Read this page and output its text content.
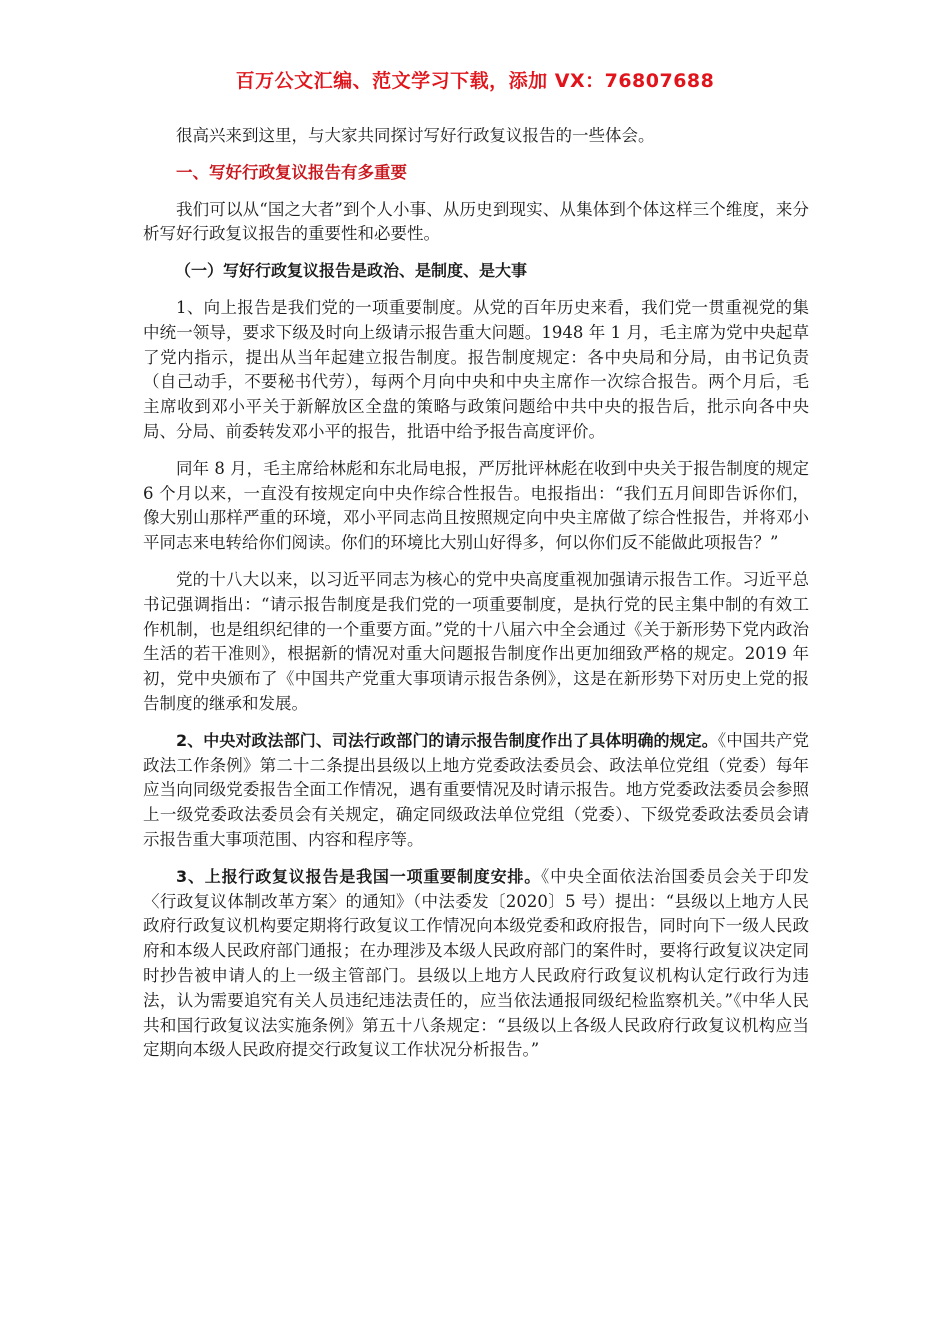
百万公文汇编、范文学习下载，添加 VX：76807688

很高兴来到这里，与大家共同探讨写好行政复议报告的一些体会。

一、写好行政复议报告有多重要

我们可以从“国之大者”到个人小事、从历史到现实、从集体到个体这样三个维度，来分析写好行政复议报告的重要性和必要性。

（一）写好行政复议报告是政治、是制度、是大事

1、向上报告是我们党的一项重要制度。从党的百年历史来看，我们党一贯重视党的集中统一领导，要求下级及时向上级请示报告重大问题。1948 年 1 月，毛主席为党中央起草了党内指示，提出从当年起建立报告制度。报告制度规定：各中央局和分局，由书记负责（自己动手，不要秘书代劳），每两个月向中央和中央主席作一次综合报告。两个月后，毛主席收到邓小平关于新解放区全盘的策略与政策问题给中共中央的报告后，批示向各中央局、分局、前委转发邓小平的报告，批语中给予报告高度评价。

同年 8 月，毛主席给林彪和东北局电报，严厉批评林彪在收到中央关于报告制度的规定 6 个月以来，一直没有按规定向中央作综合性报告。电报指出：“我们五月间即告诉你们，像大别山那样严重的环境，邓小平同志尚且按照规定向中央主席做了综合性报告，并将邓小平同志来电转给你们阅读。你们的环境比大别山好得多，何以你们反不能做此项报告？”

党的十八大以来，以习近平同志为核心的党中央高度重视加强请示报告工作。习近平总书记强调指出：“请示报告制度是我们党的一项重要制度，是执行党的民主集中制的有效工作机制，也是组织纪律的一个重要方面。”党的十八届六中全会通过《关于新形势下党内政治生活的若干准则》，根据新的情况对重大问题报告制度作出更加细致严格的规定。2019 年初，党中央颁布了《中国共产党重大事项请示报告条例》，这是在新形势下对历史上党的报告制度的继承和发展。

2、中央对政法部门、司法行政部门的请示报告制度作出了具体明确的规定。《中国共产党政法工作条例》第二十二条提出县级以上地方党委政法委员会、政法单位党组（党委）每年应当向同级党委报告全面工作情况，遇有重要情况及时请示报告。地方党委政法委员会参照上一级党委政法委员会有关规定，确定同级政法单位党组（党委）、下级党委政法委员会请示报告重大事项范围、内容和程序等。

3、上报行政复议报告是我国一项重要制度安排。《中央全面依法治国委员会关于印发〈行政复议体制改革方案〉的通知》（中法委发〔2020〕5 号）提出：“县级以上地方人民政府行政复议机构要定期将行政复议工作情况向本级党委和政府报告，同时向下一级人民政府和本级人民政府部门通报；在办理涉及本级人民政府部门的案件时，要将行政复议决定同时抄告被申请人的上一级主管部门。县级以上地方人民政府行政复议机构认定行政行为违法，认为需要追究有关人员违纪违法责任的，应当依法通报同级纪检监察机关。”《中华人民共和国行政复议法实施条例》第五十八条规定：“县级以上各级人民政府行政复议机构应当定期向本级人民政府提交行政复议工作状况分析报告。”
